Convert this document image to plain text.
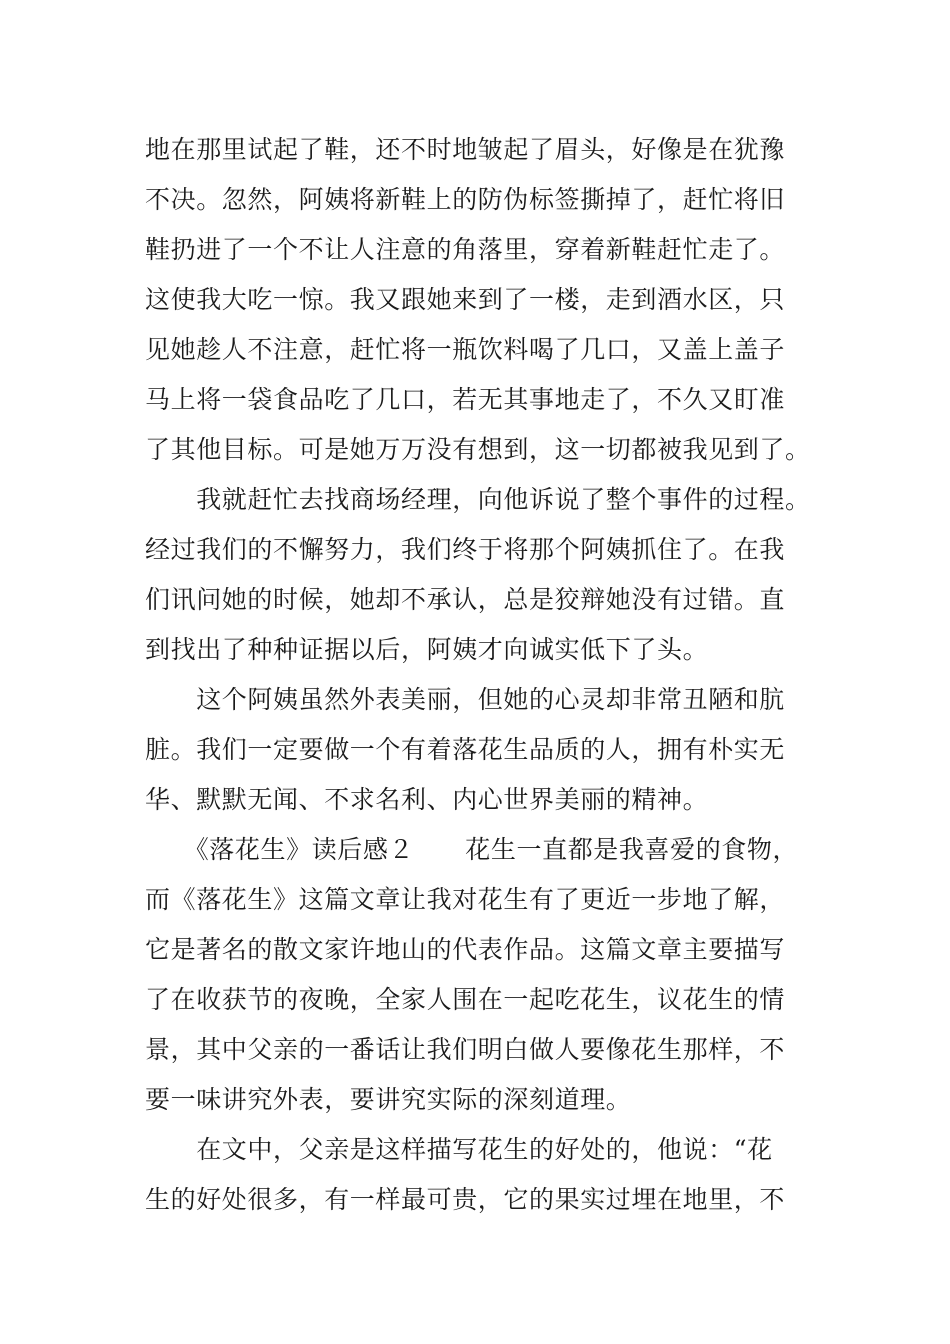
地在那里试起了鞋，还不时地皱起了眉头，好像是在犹豫
不决。忽然，阿姨将新鞋上的防伪标签撕掉了，赶忙将旧
鞋扔进了一个不让人注意的角落里，穿着新鞋赶忙走了。
这使我大吃一惊。我又跟她来到了一楼，走到酒水区，只
见她趁人不注意，赶忙将一瓶饮料喝了几口，又盖上盖子
马上将一袋食品吃了几口，若无其事地走了，不久又盯准
了其他目标。可是她万万没有想到，这一切都被我见到了。
　　我就赶忙去找商场经理，向他诉说了整个事件的过程。
经过我们的不懈努力，我们终于将那个阿姨抓住了。在我
们讯问她的时候，她却不承认，总是狡辩她没有过错。直
到找出了种种证据以后，阿姨才向诚实低下了头。
　　这个阿姨虽然外表美丽，但她的心灵却非常丑陋和肮
脏。我们一定要做一个有着落花生品质的人，拥有朴实无
华、默默无闻、不求名利、内心世界美丽的精神。
　　《落花生》读后感２　　花生一直都是我喜爱的食物，
而《落花生》这篇文章让我对花生有了更近一步地了解，
它是著名的散文家许地山的代表作品。这篇文章主要描写
了在收获节的夜晚，全家人围在一起吃花生，议花生的情
景，其中父亲的一番话让我们明白做人要像花生那样，不
要一味讲究外表，要讲究实际的深刻道理。
　　在文中，父亲是这样描写花生的好处的，他说：“花
生的好处很多，有一样最可贵，它的果实过埋在地里，不
